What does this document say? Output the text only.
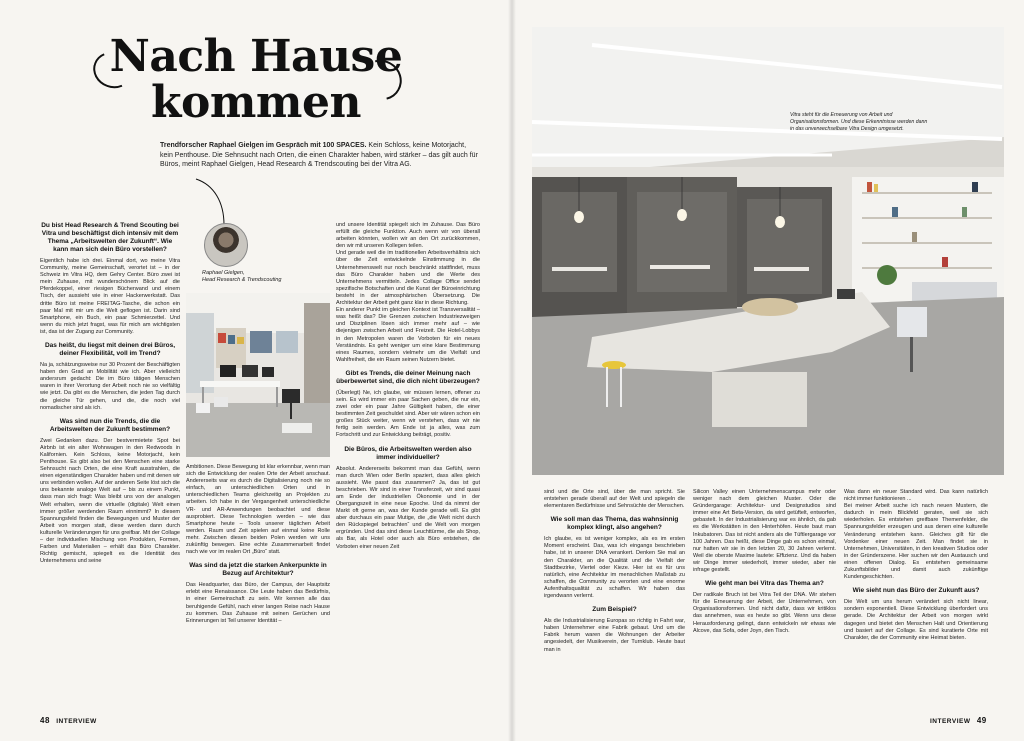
Nach Hause
kommen
Trendforscher Raphael Gielgen im Gespräch mit 100 SPACES. Kein Schloss, keine Motorjacht, kein Penthouse. Die Sehnsucht nach Orten, die einen Charakter haben, wird stärker – das gilt auch für Büros, meint Raphael Gielgen, Head Research & Trendscouting bei der Vitra AG.
Raphael Gielgen,
Head Research & Trendscouting
Du bist Head Research & Trend Scouting bei Vitra und beschäftigst dich intensiv mit dem Thema „Arbeitswelten der Zukunft“. Wie kann man sich dein Büro vorstellen?

Eigentlich habe ich drei. Einmal dort, wo meine Vitra Community, meine Gemeinschaft, verortet ist – in der Schweiz im Vitra HQ, dem Gehry Center. Büro zwei ist mein Zuhause, mit wunderschönem Blick auf die Pferdekoppel, einer riesigen Bücherwand und einem Tisch, der aussieht wie in einer Hackerwerkstatt. Das dritte Büro ist meine FREITAG-Tasche, die schon ein paar Mal mit mir um die Welt geflogen ist. Darin sind Smartphone, ein Buch, ein paar Schmierzettel. Und wenn du mich jetzt fragst, was für mich am wichtigsten ist, das ist der Zugang zur Community.

Das heißt, du liegst mit deinen drei Büros, deiner Flexibilität, voll im Trend?

Na ja, schätzungsweise nur 30 Prozent der Beschäftigten haben den Grad an Mobilität wie ich. Aber vielleicht andersrum gedacht: Die im Büro tätigen Menschen waren in ihrer Verortung der Arbeit noch nie so vielfältig wie jetzt. Da gibt es die Menschen, die jeden Tag durch die gleiche Tür gehen, und die, die noch viel nomadischer sind als ich.

Was sind nun die Trends, die die Arbeitswelten der Zukunft bestimmen?

Zwei Gedanken dazu. Der bestvermietete Spot bei Airbnb ist ein alter Wohnwagen in den Redwoods in Kalifornien. Kein Schloss, keine Motorjacht, kein Penthouse. Es gibt also bei den Menschen eine starke Sehnsucht nach Orten, die eine Kraft ausstrahlen, die einen eigenständigen Charakter haben und mit denen wir uns verbinden wollen. Auf der anderen Seite löst sich die uns bekannte analoge Welt auf – bis zu einem Punkt, dass man sich fragt: Was bleibt uns von der analogen Welt erhalten, wenn die virtuelle (digitale) Welt einen immer größer werdenden Raum einnimmt? In diesem Spannungsfeld finden die Bewegungen und Muster der Arbeit von morgen statt, diese werden dann durch kulturelle Veränderungen für uns greifbar. Mit der Collage – der individuellen Mischung von Produkten, Formen, Farben und Materialien – erhält das Büro Charakter. Richtig gemischt, spiegelt es die Identität des Unternehmens und seine

Ambitionen. Diese Bewegung ist klar erkennbar, wenn man sich die Entwicklung der realen Orte der Arbeit anschaut. Andererseits war es durch die Digitalisierung noch nie so einfach, an unterschiedlichen Orten und in unterschiedlichen Teams gleichzeitig an Projekten zu arbeiten. Ich habe in der Vergangenheit unterschiedliche VR- und AR-Anwendungen beobachtet und diese ausprobiert. Diese Technologien werden – wie das Smartphone heute – Tools unserer täglichen Arbeit werden. Raum und Zeit spielen auf einmal keine Rolle mehr. Zwischen diesen beiden Polen werden wir uns zukünftig bewegen. Eine echte Zusammenarbeit findet nach wie vor im realen Ort „Büro“ statt.

Was sind da jetzt die starken Ankerpunkte in Bezug auf Architektur?

Das Headquarter, das Büro, der Campus, der Hauptsitz erlebt eine Renaissance. Die Leute haben das Bedürfnis, in einer Gemeinschaft zu sein. Wir kennen alle das beruhigende Gefühl, nach einer langen Reise nach Hause zu kommen. Das Zuhause mit seinen Gerüchen und Erinnerungen ist Teil unserer Identität –

und unsere Identität spiegelt sich im Zuhause. Das Büro erfüllt die gleiche Funktion. Auch wenn wir von überall arbeiten könnten, wollen wir an den Ort zurückkommen, den wir mit unseren Kollegen teilen.

Und gerade weil die im traditionellen Arbeitsverhältnis sich über die Zeit entwickelnde Einstimmung in die Unternehmenswelt nur noch beschränkt stattfindet, muss das Büro Charakter haben und die Werte des Unternehmens vermitteln. Jedes Collage Office sendet spezifische Botschaften und die Kunst der Büroeinrichtung besteht in der atmosphärischen Übersetzung. Die Architektur der Arbeit geht ganz klar in diese Richtung.

Ein anderer Punkt im gleichen Kontext ist Transversalität – was heißt das? Die Grenzen zwischen Industriezweigen und Disziplinen lösen sich immer mehr auf – wie diejenigen zwischen Arbeit und Freizeit. Die Hotel-Lobbys in den Metropolen waren die Vorboten für ein neues Verständnis. Es geht weniger um eine klare Bestimmung eines Raumes, sondern vielmehr um die Vielfalt und Wahlfreiheit, die ein Raum seinen Nutzern bietet.

Gibt es Trends, die deiner Meinung nach überbewertet sind, die dich nicht überzeugen?

(Überlegt) Ne, ich glaube, wir müssen lernen, offener zu sein. Es wird immer ein paar Sachen geben, die nur ein, zwei oder ein paar Jahre Gültigkeit haben, die einer bestimmten Zeit geschuldet sind. Aber wir wären schon ein großes Stück weiter, wenn wir verstehen, dass wir nie fertig sein werden. Am Ende ist ja alles, was zum Fortschritt und zur Entwicklung beiträgt, positiv.

Die Büros, die Arbeitswelten werden also immer individueller?

Absolut. Andererseits bekommt man das Gefühl, wenn man durch Wien oder Berlin spaziert, dass alles gleich aussieht. Wie passt das zusammen? Ja, das ist gut beschrieben. Wir sind in einer Transferzeit, wir sind quasi am Ende der industriellen Ökonomie und in der Übergangszeit in eine neue Epoche. Und da nimmt der Markt oft gerne an, was der Kunde gerade will. Es gibt aber durchaus ein paar Mutige, die „die Welt nicht durch den Rückspiegel betrachten“ und die Welt von morgen ergründen. Und das sind diese Leuchttürme, die als Shop, als Bar, als Hotel oder auch als Büro entstehen, die Vorboten einer neuen Zeit

48 INTERVIEW
Vitra steht für die Erneuerung von Arbeit und Organisationsformen. Und diese Erkenntnisse werden dann in das unverwechselbare Vitra Design umgesetzt.

sind und die Orte sind, über die man spricht. Sie entstehen gerade überall auf der Welt und spiegeln die elementaren Bedürfnisse und Sehnsüchte der Menschen.

Wie soll man das Thema, das wahnsinnig komplex klingt, also angehen?

Ich glaube, es ist weniger komplex, als es im ersten Moment erscheint. Das, was ich eingangs beschrieben habe, ist in unserer DNA verankert. Denken Sie mal an den Charakter, an die Qualität und die Vielfalt der Stadtbezirke, Viertel oder Kieze. Hier ist es für uns natürlich, eine Architektur im menschlichen Maßstab zu schaffen, die Community zu verorten und eine enorme Aufenthaltsqualität zu schaffen. Wir haben das irgendwann verlernt.

Zum Beispiel?

Als die Industrialisierung Europas so richtig in Fahrt war, haben Unternehmer eine Fabrik gebaut. Und um die Fabrik herum waren die Wohnungen der Arbeiter angesiedelt, der Musikverein, der Turnklub. Heute baut man in

Silicon Valley einen Unternehmenscampus mehr oder weniger nach dem gleichen Muster. Oder die Gründergarage: Architektur- und Designstudios sind immer eine Art Beta-Version, da wird getüftelt, entworfen, gebastelt. In der Industrialisierung war es ähnlich, da gab es die Werkstätten in den Hinterhöfen. Heute baut man Inkubatoren. Das ist nicht anders als die Tüftlergarage vor 100 Jahren. Das heißt, diese Dinge gab es schon einmal, nur hatten wir sie in den letzten 20, 30 Jahren verlernt. Weil die oberste Maxime lautete: Effizienz. Und da haben wir Dinge immer wiederholt, immer wieder, aber nie infrage gestellt.

Wie geht man bei Vitra das Thema an?

Der radikale Bruch ist bei Vitra Teil der DNA. Wir stehen für die Erneuerung der Arbeit, der Unternehmen, von Organisationsformen. Und nicht dafür, dass wir kritiklos das annehmen, was es heute so gibt. Wenn uns diese Herausforderung gelingt, dann entwickeln wir etwas wie Alcove, das Sofa, oder Joyn, den Tisch.

Was dann ein neuer Standard wird. Das kann natürlich nicht immer funktionieren ...

Bei meiner Arbeit suche ich nach neuen Mustern, die dadurch in mein Blickfeld geraten, weil sie sich wiederholen. Es entstehen greifbare Themenfelder, die Spannungsfelder erzeugen und aus denen eine kulturelle Veränderung entstehen kann. Gleiches gilt für die Vordenker einer neuen Zeit. Man findet sie in Unternehmen, Universitäten, in den kreativen Studios oder in der Gründerszene. Hier suchen wir den Austausch und einen offenen Dialog. Es entstehen gemeinsame Zukunftsbilder und damit auch zukünftige Kundengeschichten.

Wie sieht nun das Büro der Zukunft aus?

Die Welt um uns herum verändert sich nicht linear, sondern exponentiell. Diese Entwicklung überfordert uns gerade. Die Architektur der Arbeit von morgen wirkt dagegen und bietet den Menschen Halt und Orientierung und basiert auf der Collage. Es sind kuratierte Orte mit Charakter, die der Community eine Heimat bieten.

INTERVIEW 49
